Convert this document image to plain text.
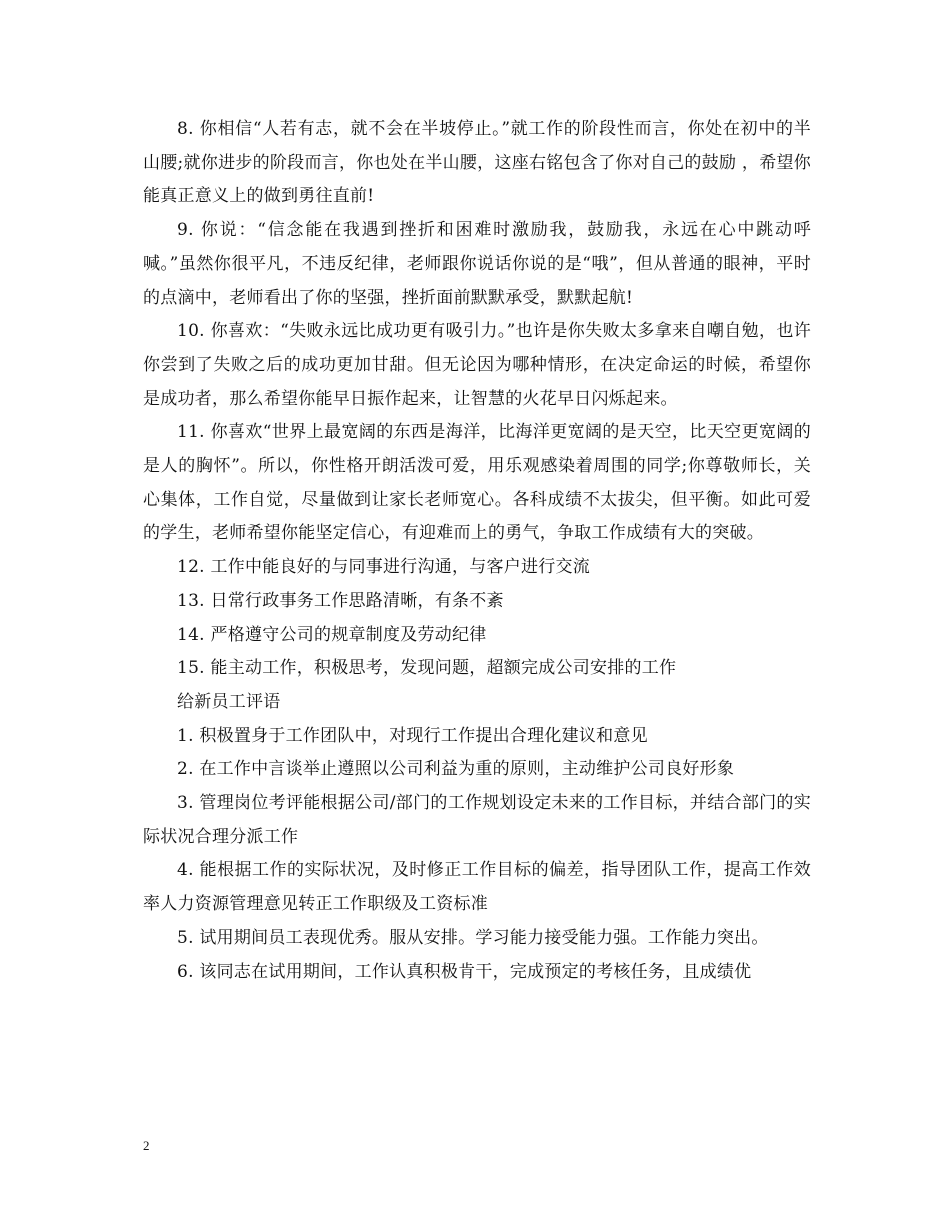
8. 你相信“人若有志，就不会在半坡停止。”就工作的阶段性而言，你处在初中的半山腰;就你进步的阶段而言，你也处在半山腰，这座右铭包含了你对自己的鼓励 ，希望你能真正意义上的做到勇往直前!

9. 你说：“信念能在我遇到挫折和困难时激励我，鼓励我，永远在心中跳动呼喊。”虽然你很平凡，不违反纪律，老师跟你说话你说的是“哦”，但从普通的眼神，平时的点滴中，老师看出了你的坚强，挫折面前默默承受，默默起航!

10. 你喜欢：“失败永远比成功更有吸引力。”也许是你失败太多拿来自嘲自勉，也许你尝到了失败之后的成功更加甘甜。但无论因为哪种情形，在决定命运的时候，希望你是成功者，那么希望你能早日振作起来，让智慧的火花早日闪烁起来。

11. 你喜欢“世界上最宽阔的东西是海洋，比海洋更宽阔的是天空，比天空更宽阔的是人的胸怀”。所以，你性格开朗活泼可爱，用乐观感染着周围的同学;你尊敬师长，关心集体，工作自觉，尽量做到让家长老师宽心。各科成绩不太拔尖，但平衡。如此可爱的学生，老师希望你能坚定信心，有迎难而上的勇气，争取工作成绩有大的突破。

12. 工作中能良好的与同事进行沟通，与客户进行交流

13. 日常行政事务工作思路清晰，有条不紊

14. 严格遵守公司的规章制度及劳动纪律

15. 能主动工作，积极思考，发现问题，超额完成公司安排的工作

给新员工评语

1. 积极置身于工作团队中，对现行工作提出合理化建议和意见

2. 在工作中言谈举止遵照以公司利益为重的原则，主动维护公司良好形象

3. 管理岗位考评能根据公司/部门的工作规划设定未来的工作目标，并结合部门的实际状况合理分派工作

4. 能根据工作的实际状况，及时修正工作目标的偏差，指导团队工作，提高工作效率人力资源管理意见转正工作职级及工资标准

5. 试用期间员工表现优秀。服从安排。学习能力接受能力强。工作能力突出。

6. 该同志在试用期间，工作认真积极肯干，完成预定的考核任务，且成绩优

2
